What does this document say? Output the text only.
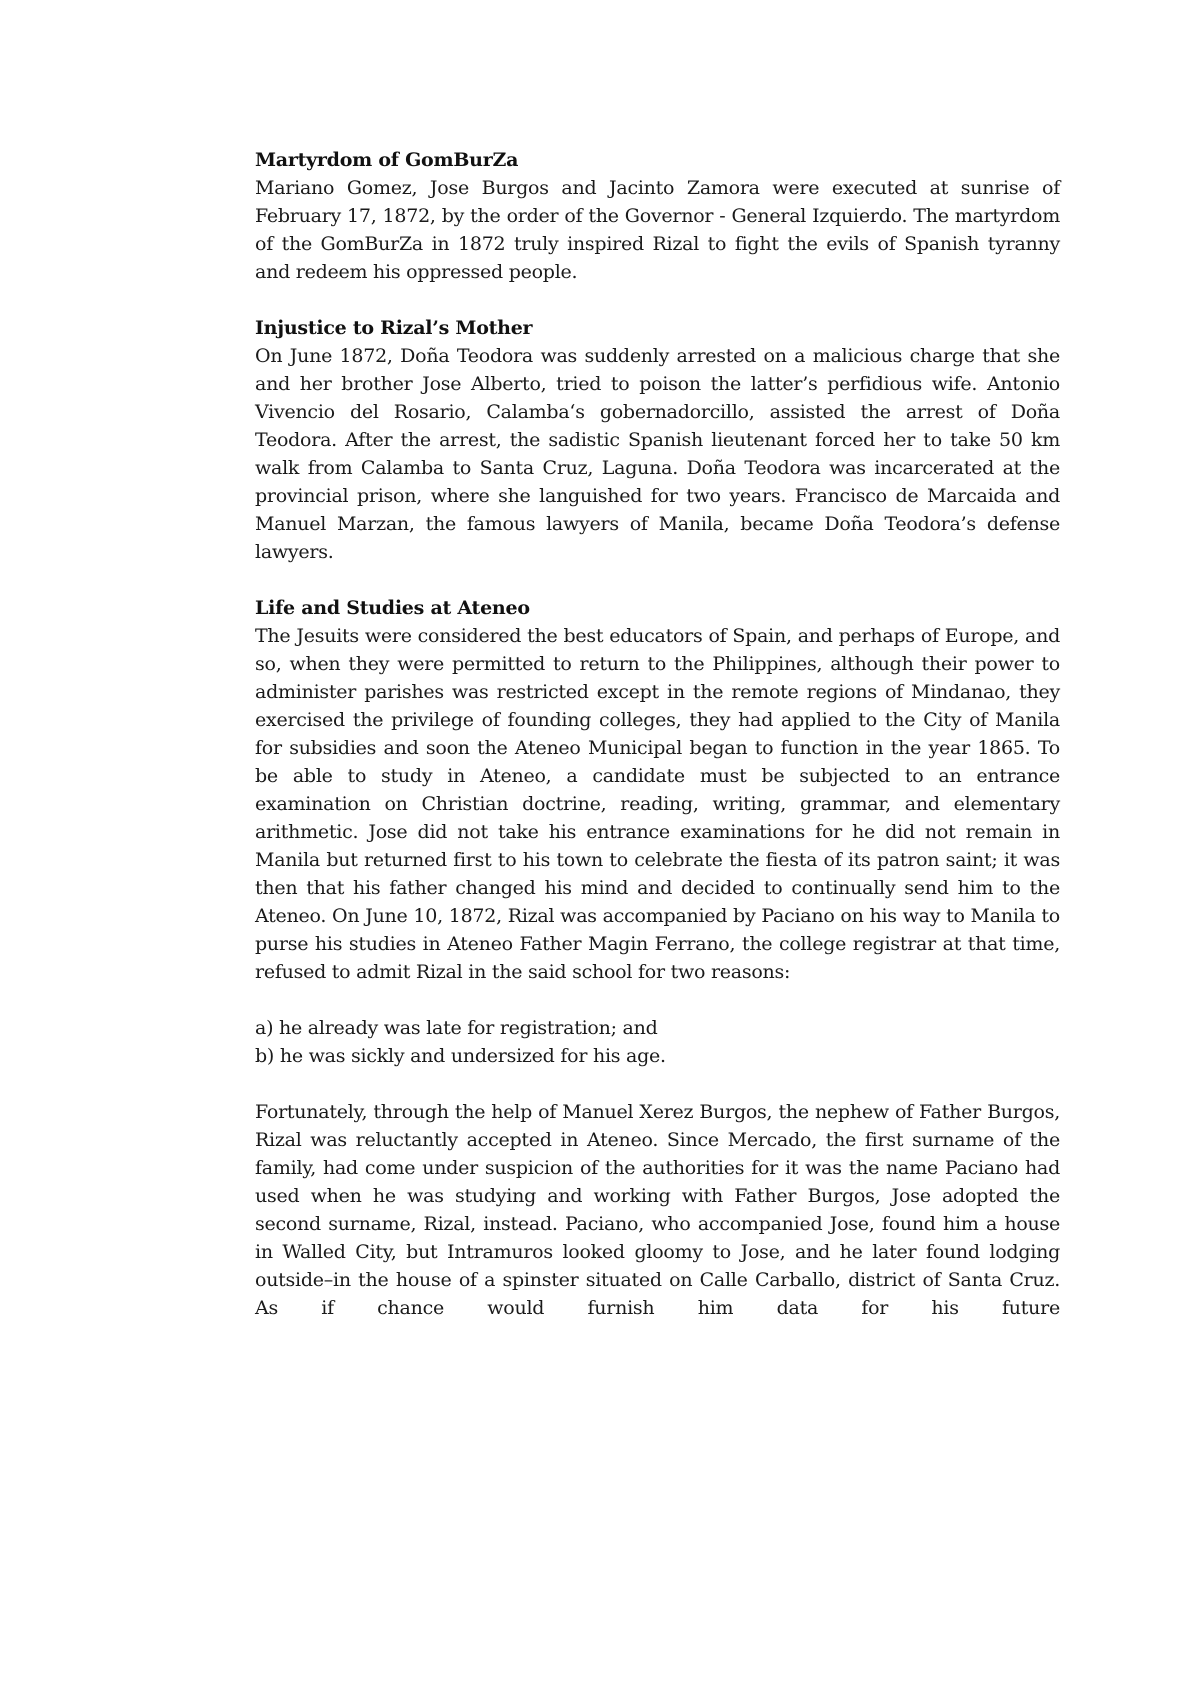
Martyrdom of GomBurZa

Mariano Gomez, Jose Burgos and Jacinto Zamora were executed at sunrise of February 17, 1872, by the order of the Governor - General Izquierdo. The martyrdom of the GomBurZa in 1872 truly inspired Rizal to fight the evils of Spanish tyranny and redeem his oppressed people.

Injustice to Rizal’s Mother

On June 1872, Doña Teodora was suddenly arrested on a malicious charge that she and her brother Jose Alberto, tried to poison the latter’s perfidious wife. Antonio Vivencio del Rosario, Calamba‘s gobernadorcillo, assisted the arrest of Doña Teodora. After the arrest, the sadistic Spanish lieutenant forced her to take 50 km walk from Calamba to Santa Cruz, Laguna. Doña Teodora was incarcerated at the provincial prison, where she languished for two years. Francisco de Marcaida and Manuel Marzan, the famous lawyers of Manila, became Doña Teodora’s defense lawyers.

Life and Studies at Ateneo

The Jesuits were considered the best educators of Spain, and perhaps of Europe, and so, when they were permitted to return to the Philippines, although their power to administer parishes was restricted except in the remote regions of Mindanao, they exercised the privilege of founding colleges, they had applied to the City of Manila for subsidies and soon the Ateneo Municipal began to function in the year 1865. To be able to study in Ateneo, a candidate must be subjected to an entrance examination on Christian doctrine, reading, writing, grammar, and elementary arithmetic. Jose did not take his entrance examinations for he did not remain in Manila but returned first to his town to celebrate the fiesta of its patron saint; it was then that his father changed his mind and decided to continually send him to the Ateneo. On June 10, 1872, Rizal was accompanied by Paciano on his way to Manila to purse his studies in Ateneo Father Magin Ferrano, the college registrar at that time, refused to admit Rizal in the said school for two reasons:

a) he already was late for registration; and

b) he was sickly and undersized for his age.

Fortunately, through the help of Manuel Xerez Burgos, the nephew of Father Burgos, Rizal was reluctantly accepted in Ateneo. Since Mercado, the first surname of the family, had come under suspicion of the authorities for it was the name Paciano had used when he was studying and working with Father Burgos, Jose adopted the second surname, Rizal, instead. Paciano, who accompanied Jose, found him a house in Walled City, but Intramuros looked gloomy to Jose, and he later found lodging outside–in the house of a spinster situated on Calle Carballo, district of Santa Cruz. As if chance would furnish him data for his future
